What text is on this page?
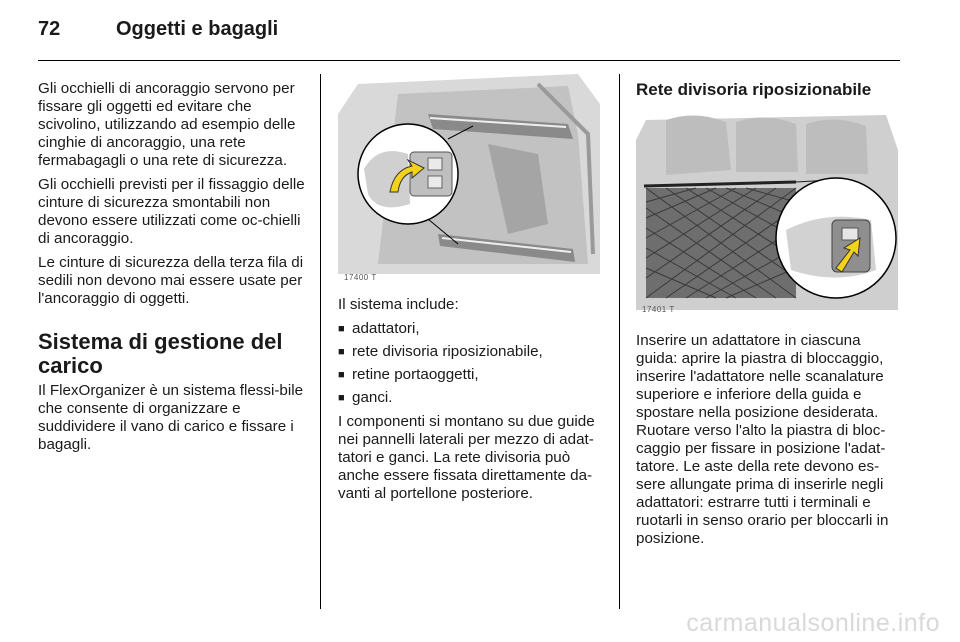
72	Oggetti e bagagli

Gli occhielli di ancoraggio servono per fissare gli oggetti ed evitare che scivolino, utilizzando ad esempio delle cinghie di ancoraggio, una rete fermabagagli o una rete di sicurezza.

Gli occhielli previsti per il fissaggio delle cinture di sicurezza smontabili non devono essere utilizzati come oc-chielli di ancoraggio.

Le cinture di sicurezza della terza fila di sedili non devono mai essere usate per l'ancoraggio di oggetti.

Sistema di gestione del carico

Il FlexOrganizer è un sistema flessi-bile che consente di organizzare e suddividere il vano di carico e fissare i bagagli.

17400 T

Il sistema include:

■ adattatori,
■ rete divisoria riposizionabile,
■ retine portaoggetti,
■ ganci.

I componenti si montano su due guide nei pannelli laterali per mezzo di adat-tatori e ganci. La rete divisoria può anche essere fissata direttamente da-vanti al portellone posteriore.

Rete divisoria riposizionabile
17401 T

Inserire un adattatore in ciascuna guida: aprire la piastra di bloccaggio, inserire l'adattatore nelle scanalature superiore e inferiore della guida e spostare nella posizione desiderata. Ruotare verso l'alto la piastra di bloc-caggio per fissare in posizione l'adat-tatore. Le aste della rete devono es-sere allungate prima di inserirle negli adattatori: estrarre tutti i terminali e ruotarli in senso orario per bloccarli in posizione.

carmanualsonline.info
